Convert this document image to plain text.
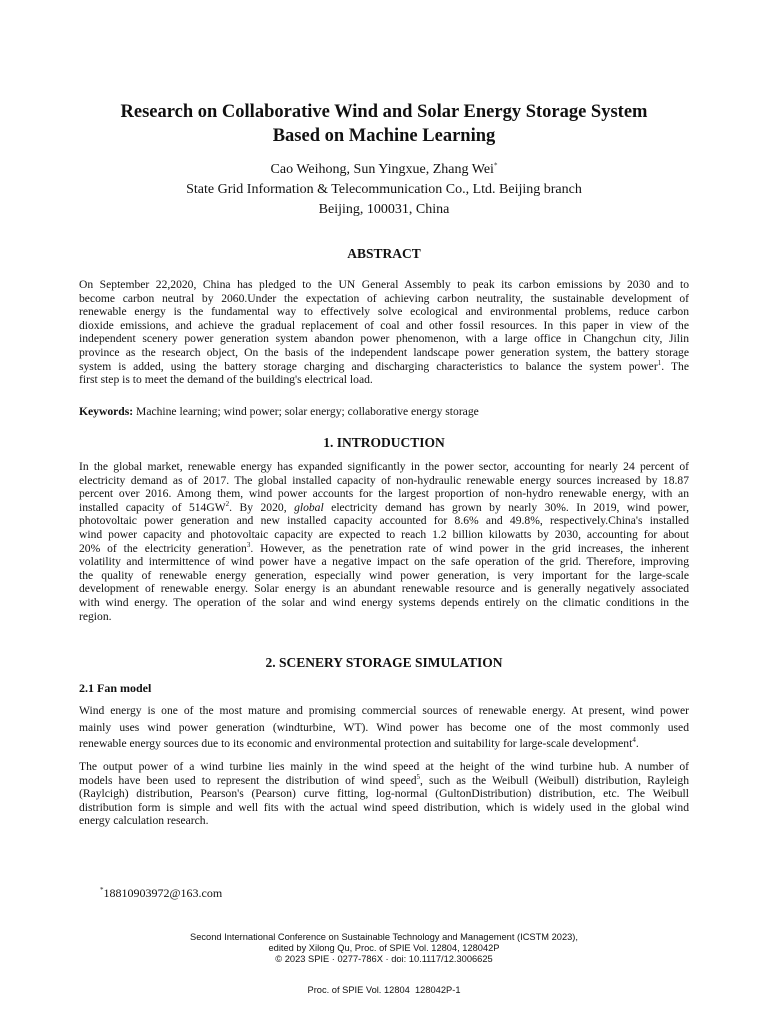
Research on Collaborative Wind and Solar Energy Storage System
Based on Machine Learning
Cao Weihong, Sun Yingxue, Zhang Wei*
State Grid Information & Telecommunication Co., Ltd. Beijing branch
Beijing, 100031, China
ABSTRACT
On September 22,2020, China has pledged to the UN General Assembly to peak its carbon emissions by 2030 and to
become carbon neutral by 2060.Under the expectation of achieving carbon neutrality, the sustainable development of
renewable energy is the fundamental way to effectively solve ecological and environmental problems, reduce carbon
dioxide emissions, and achieve the gradual replacement of coal and other fossil resources. In this paper in view of the
independent scenery power generation system abandon power phenomenon, with a large office in Changchun city, Jilin
province as the research object, On the basis of the independent landscape power generation system, the battery storage
system is added, using the battery storage charging and discharging characteristics to balance the system power$^1$. The
first step is to meet the demand of the building's electrical load.
Keywords: Machine learning; wind power; solar energy; collaborative energy storage
1. INTRODUCTION
In the global market, renewable energy has expanded significantly in the power sector, accounting for nearly 24 percent of
electricity demand as of 2017. The global installed capacity of non-hydraulic renewable energy sources increased by 18.87
percent over 2016. Among them, wind power accounts for the largest proportion of non-hydro renewable energy, with an
installed capacity of $514GW^2$. By 2020, global electricity demand has grown by nearly 30%. In 2019, wind power,
photovoltaic power generation and new installed capacity accounted for 8.6% and 49.8%, respectively.China's installed
wind power capacity and photovoltaic capacity are expected to reach 1.2 billion kilowatts by 2030, accounting for about
20% of the electricity generation$^3$. However, as the penetration rate of wind power in the grid increases, the inherent
volatility and intermittence of wind power have a negative impact on the safe operation of the grid. Therefore, improving
the quality of renewable energy generation, especially wind power generation, is very important for the large-scale
development of renewable energy. Solar energy is an abundant renewable resource and is generally negatively associated
with wind energy. The operation of the solar and wind energy systems depends entirely on the climatic conditions in the
region.
2. SCENERY STORAGE SIMULATION
2.1 Fan model
Wind energy is one of the most mature and promising commercial sources of renewable energy. At present, wind power
mainly uses wind power generation (windturbine, WT). Wind power has become one of the most commonly used
renewable energy sources due to its economic and environmental protection and suitability for large-scale development$^4$.
The output power of a wind turbine lies mainly in the wind speed at the height of the wind turbine hub. A number of
models have been used to represent the distribution of wind speed$^5$, such as the Weibull (Weibull) distribution, Rayleigh
(Raylcigh) distribution, Pearson's (Pearson) curve fitting, log-normal (GultonDistribution) distribution, etc. The Weibull
distribution form is simple and well fits with the actual wind speed distribution, which is widely used in the global wind
energy calculation research.
*18810903972@163.com
Second International Conference on Sustainable Technology and Management (ICSTM 2023),
edited by Xilong Qu, Proc. of SPIE Vol. 12804, 128042P
© 2023 SPIE · 0277-786X · doi: 10.1117/12.3006625
Proc. of SPIE Vol. 12804  128042P-1
